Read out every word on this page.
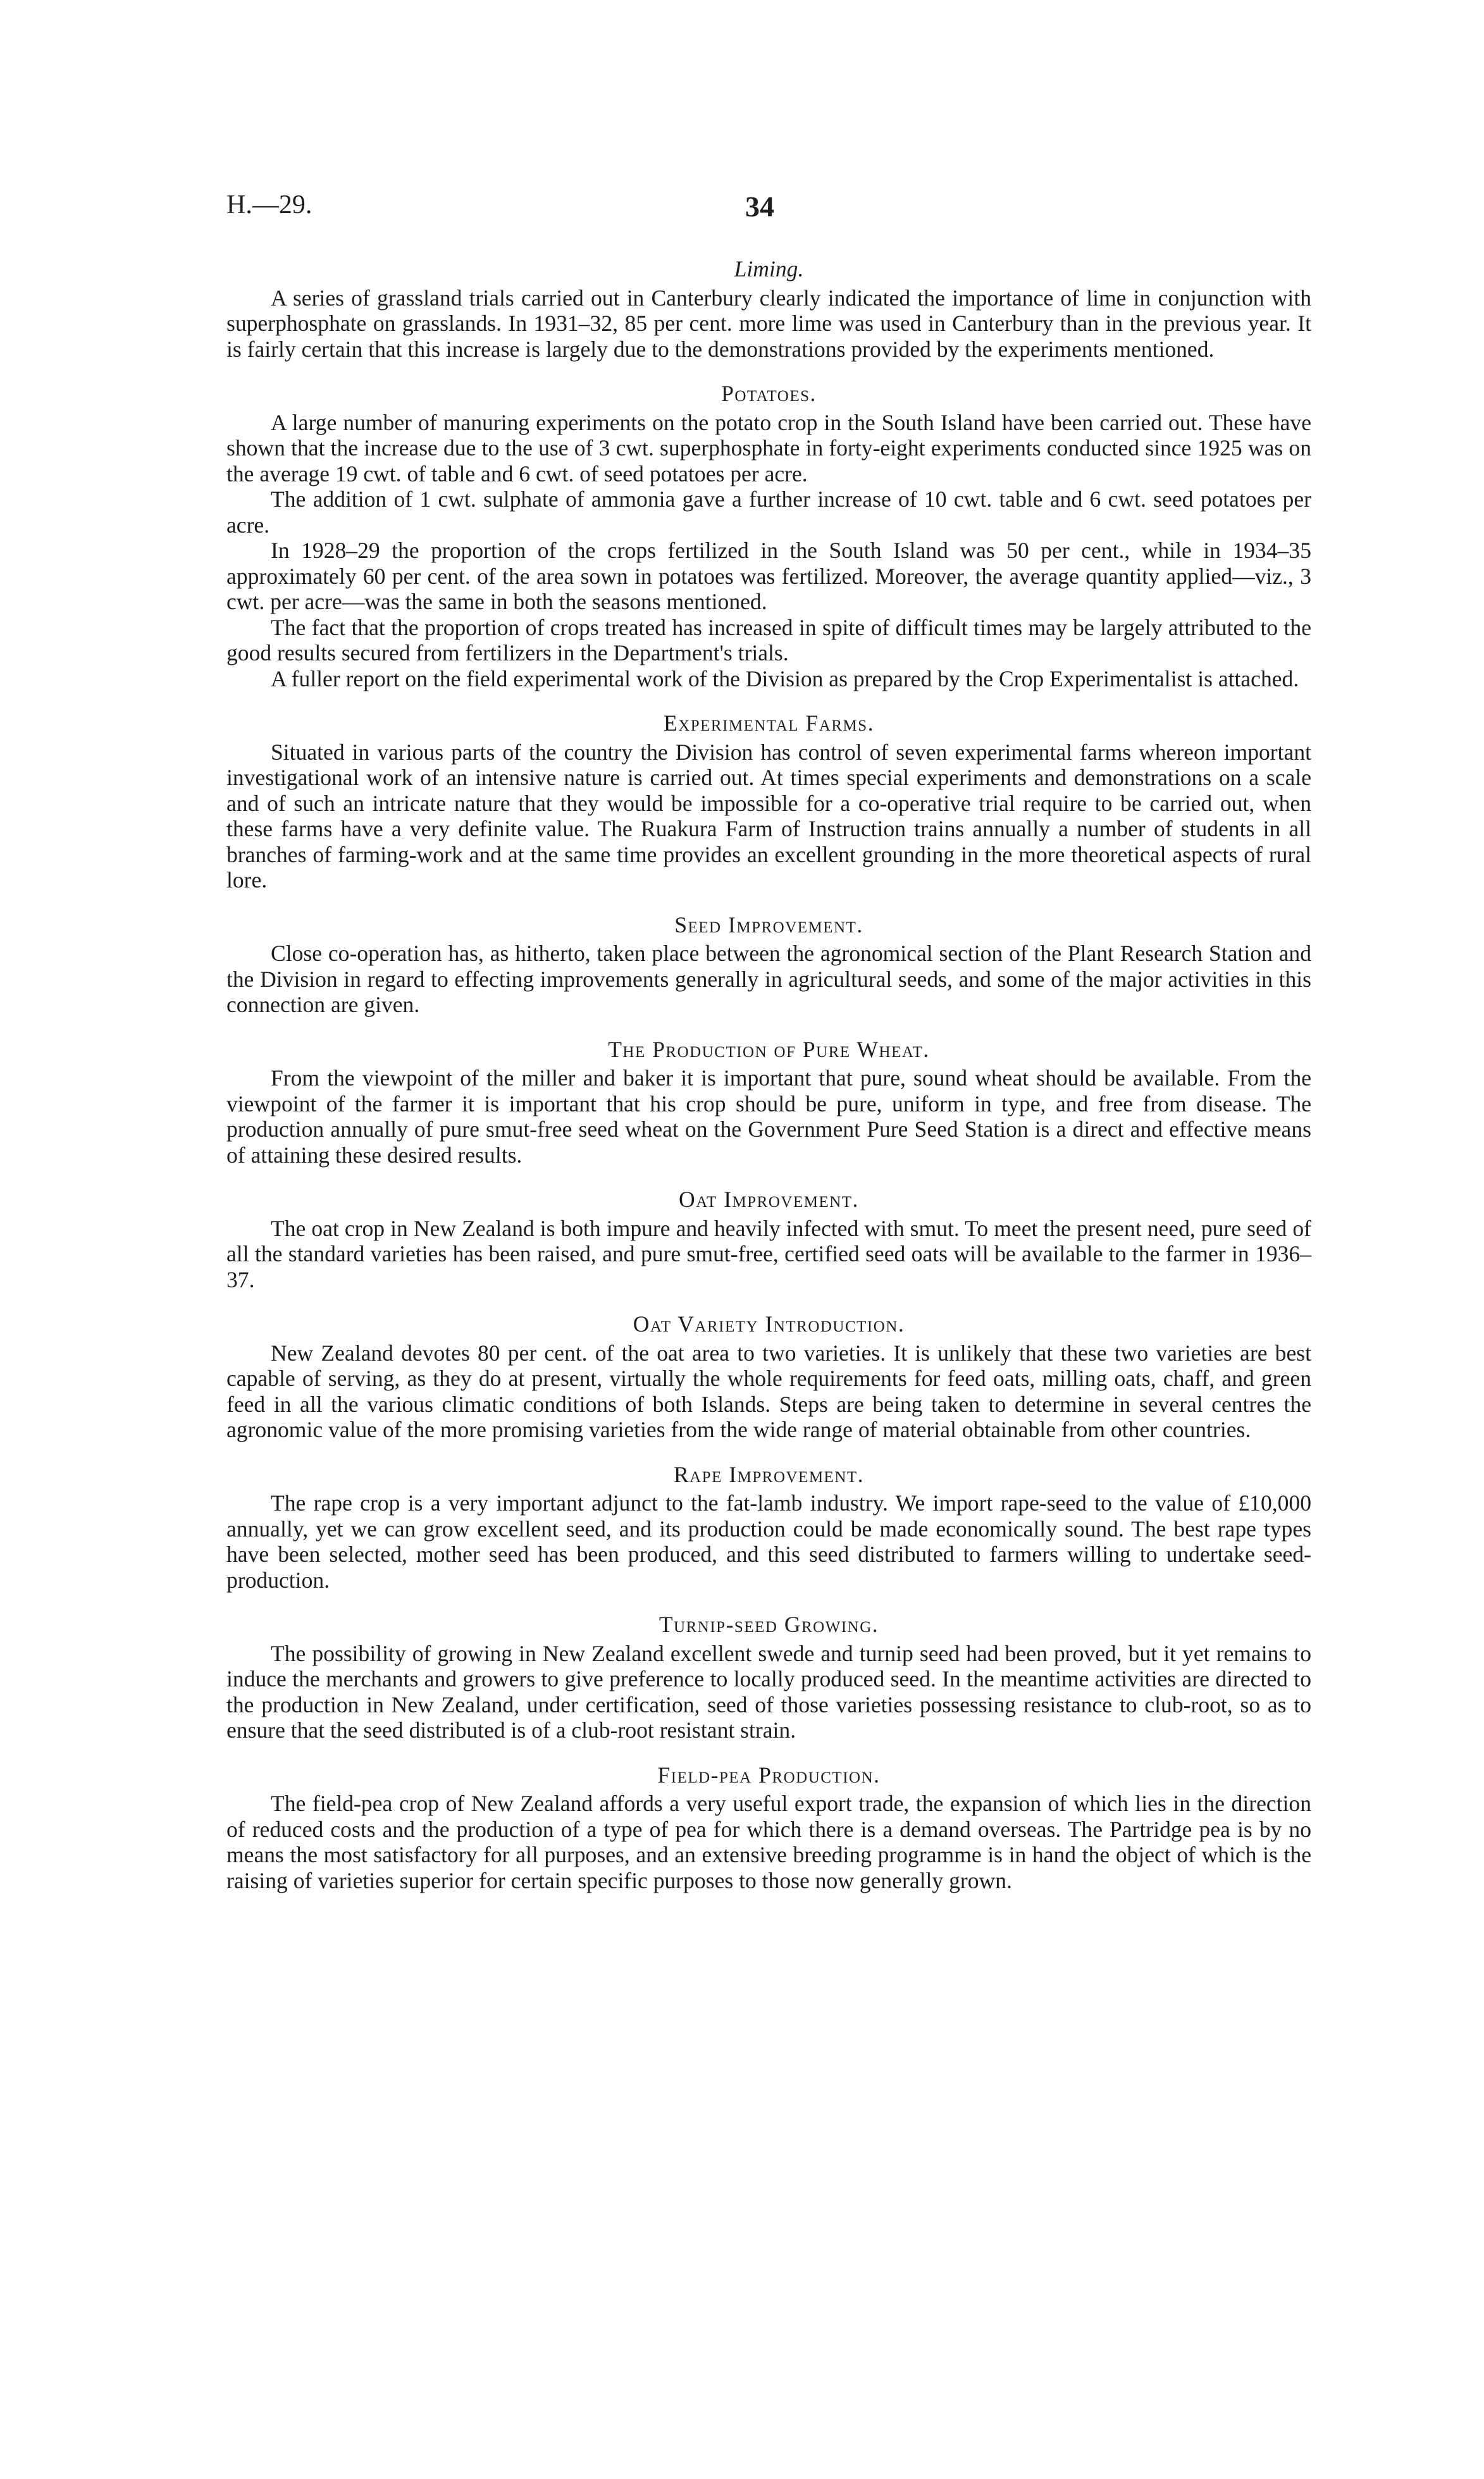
H.—29.	34
Liming.

A series of grassland trials carried out in Canterbury clearly indicated the importance of lime in conjunction with superphosphate on grasslands. In 1931–32, 85 per cent. more lime was used in Canterbury than in the previous year. It is fairly certain that this increase is largely due to the demonstrations provided by the experiments mentioned.

Potatoes.

A large number of manuring experiments on the potato crop in the South Island have been carried out. These have shown that the increase due to the use of 3 cwt. superphosphate in forty-eight experiments conducted since 1925 was on the average 19 cwt. of table and 6 cwt. of seed potatoes per acre.

The addition of 1 cwt. sulphate of ammonia gave a further increase of 10 cwt. table and 6 cwt. seed potatoes per acre.

In 1928–29 the proportion of the crops fertilized in the South Island was 50 per cent., while in 1934–35 approximately 60 per cent. of the area sown in potatoes was fertilized. Moreover, the average quantity applied—viz., 3 cwt. per acre—was the same in both the seasons mentioned.

The fact that the proportion of crops treated has increased in spite of difficult times may be largely attributed to the good results secured from fertilizers in the Department's trials.

A fuller report on the field experimental work of the Division as prepared by the Crop Experimentalist is attached.

Experimental Farms.

Situated in various parts of the country the Division has control of seven experimental farms whereon important investigational work of an intensive nature is carried out. At times special experiments and demonstrations on a scale and of such an intricate nature that they would be impossible for a co-operative trial require to be carried out, when these farms have a very definite value. The Ruakura Farm of Instruction trains annually a number of students in all branches of farming-work and at the same time provides an excellent grounding in the more theoretical aspects of rural lore.

Seed Improvement.

Close co-operation has, as hitherto, taken place between the agronomical section of the Plant Research Station and the Division in regard to effecting improvements generally in agricultural seeds, and some of the major activities in this connection are given.

The Production of Pure Wheat.

From the viewpoint of the miller and baker it is important that pure, sound wheat should be available. From the viewpoint of the farmer it is important that his crop should be pure, uniform in type, and free from disease. The production annually of pure smut-free seed wheat on the Government Pure Seed Station is a direct and effective means of attaining these desired results.

Oat Improvement.

The oat crop in New Zealand is both impure and heavily infected with smut. To meet the present need, pure seed of all the standard varieties has been raised, and pure smut-free, certified seed oats will be available to the farmer in 1936–37.

Oat Variety Introduction.

New Zealand devotes 80 per cent. of the oat area to two varieties. It is unlikely that these two varieties are best capable of serving, as they do at present, virtually the whole requirements for feed oats, milling oats, chaff, and green feed in all the various climatic conditions of both Islands. Steps are being taken to determine in several centres the agronomic value of the more promising varieties from the wide range of material obtainable from other countries.

Rape Improvement.

The rape crop is a very important adjunct to the fat-lamb industry. We import rape-seed to the value of £10,000 annually, yet we can grow excellent seed, and its production could be made economically sound. The best rape types have been selected, mother seed has been produced, and this seed distributed to farmers willing to undertake seed-production.

Turnip-seed Growing.

The possibility of growing in New Zealand excellent swede and turnip seed had been proved, but it yet remains to induce the merchants and growers to give preference to locally produced seed. In the meantime activities are directed to the production in New Zealand, under certification, seed of those varieties possessing resistance to club-root, so as to ensure that the seed distributed is of a club-root resistant strain.

Field-pea Production.

The field-pea crop of New Zealand affords a very useful export trade, the expansion of which lies in the direction of reduced costs and the production of a type of pea for which there is a demand overseas. The Partridge pea is by no means the most satisfactory for all purposes, and an extensive breeding programme is in hand the object of which is the raising of varieties superior for certain specific purposes to those now generally grown.
